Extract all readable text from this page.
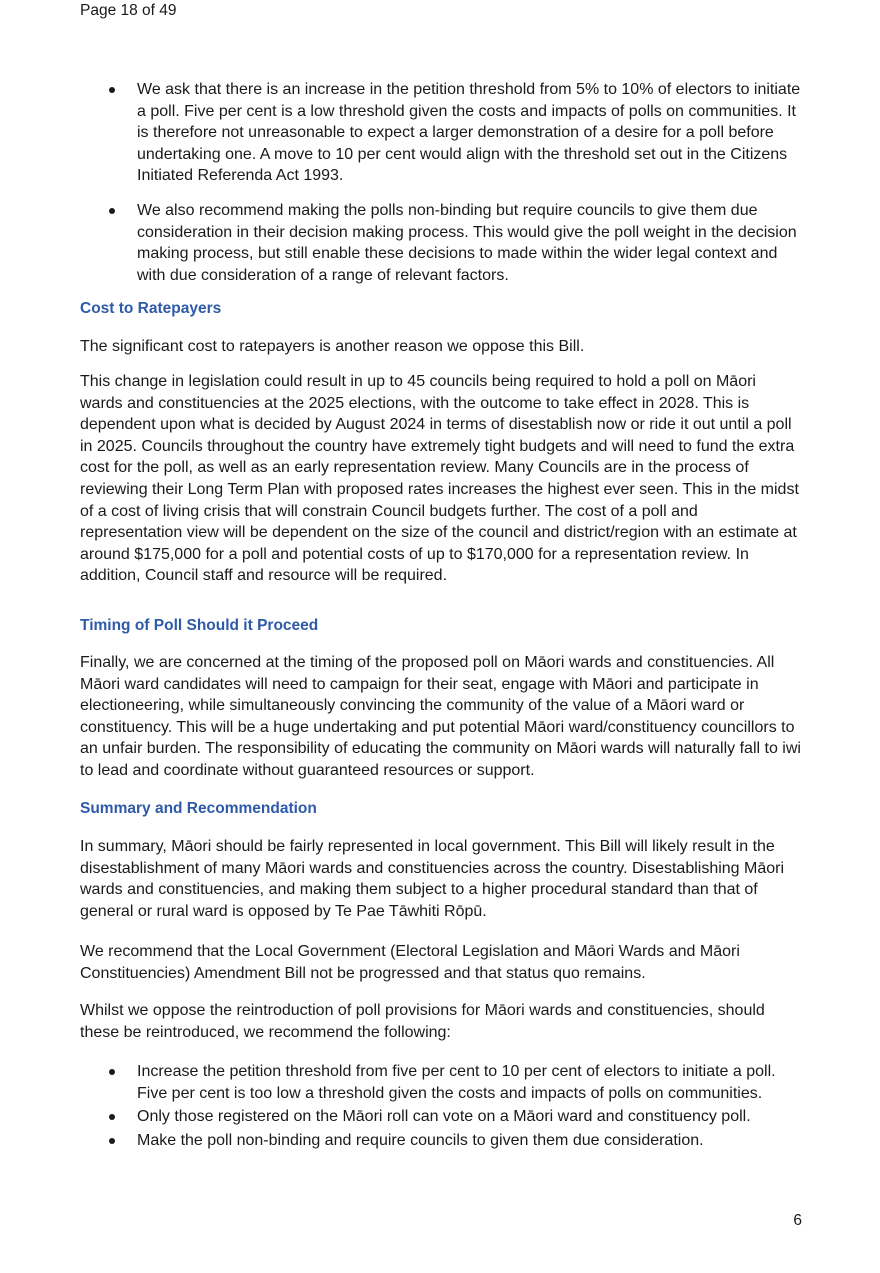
Page 18 of 49
We ask that there is an increase in the petition threshold from 5% to 10% of electors to initiate a poll. Five per cent is a low threshold given the costs and impacts of polls on communities. It is therefore not unreasonable to expect a larger demonstration of a desire for a poll before undertaking one. A move to 10 per cent would align with the threshold set out in the Citizens Initiated Referenda Act 1993.
We also recommend making the polls non-binding but require councils to give them due consideration in their decision making process. This would give the poll weight in the decision making process, but still enable these decisions to made within the wider legal context and with due consideration of a range of relevant factors.
Cost to Ratepayers

The significant cost to ratepayers is another reason we oppose this Bill.

This change in legislation could result in up to 45 councils being required to hold a poll on Māori wards and constituencies at the 2025 elections, with the outcome to take effect in 2028. This is dependent upon what is decided by August 2024 in terms of disestablish now or ride it out until a poll in 2025. Councils throughout the country have extremely tight budgets and will need to fund the extra cost for the poll, as well as an early representation review. Many Councils are in the process of reviewing their Long Term Plan with proposed rates increases the highest ever seen. This in the midst of a cost of living crisis that will constrain Council budgets further. The cost of a poll and representation view will be dependent on the size of the council and district/region with an estimate at around $175,000 for a poll and potential costs of up to $170,000 for a representation review. In addition, Council staff and resource will be required.

Timing of Poll Should it Proceed

Finally, we are concerned at the timing of the proposed poll on Māori wards and constituencies. All Māori ward candidates will need to campaign for their seat, engage with Māori and participate in electioneering, while simultaneously convincing the community of the value of a Māori ward or constituency. This will be a huge undertaking and put potential Māori ward/constituency councillors to an unfair burden. The responsibility of educating the community on Māori wards will naturally fall to iwi to lead and coordinate without guaranteed resources or support.

Summary and Recommendation

In summary, Māori should be fairly represented in local government. This Bill will likely result in the disestablishment of many Māori wards and constituencies across the country. Disestablishing Māori wards and constituencies, and making them subject to a higher procedural standard than that of general or rural ward is opposed by Te Pae Tāwhiti Rōpū.

We recommend that the Local Government (Electoral Legislation and Māori Wards and Māori Constituencies) Amendment Bill not be progressed and that status quo remains.

Whilst we oppose the reintroduction of poll provisions for Māori wards and constituencies, should these be reintroduced, we recommend the following:

Increase the petition threshold from five per cent to 10 per cent of electors to initiate a poll. Five per cent is too low a threshold given the costs and impacts of polls on communities.
Only those registered on the Māori roll can vote on a Māori ward and constituency poll.
Make the poll non-binding and require councils to given them due consideration.
6
